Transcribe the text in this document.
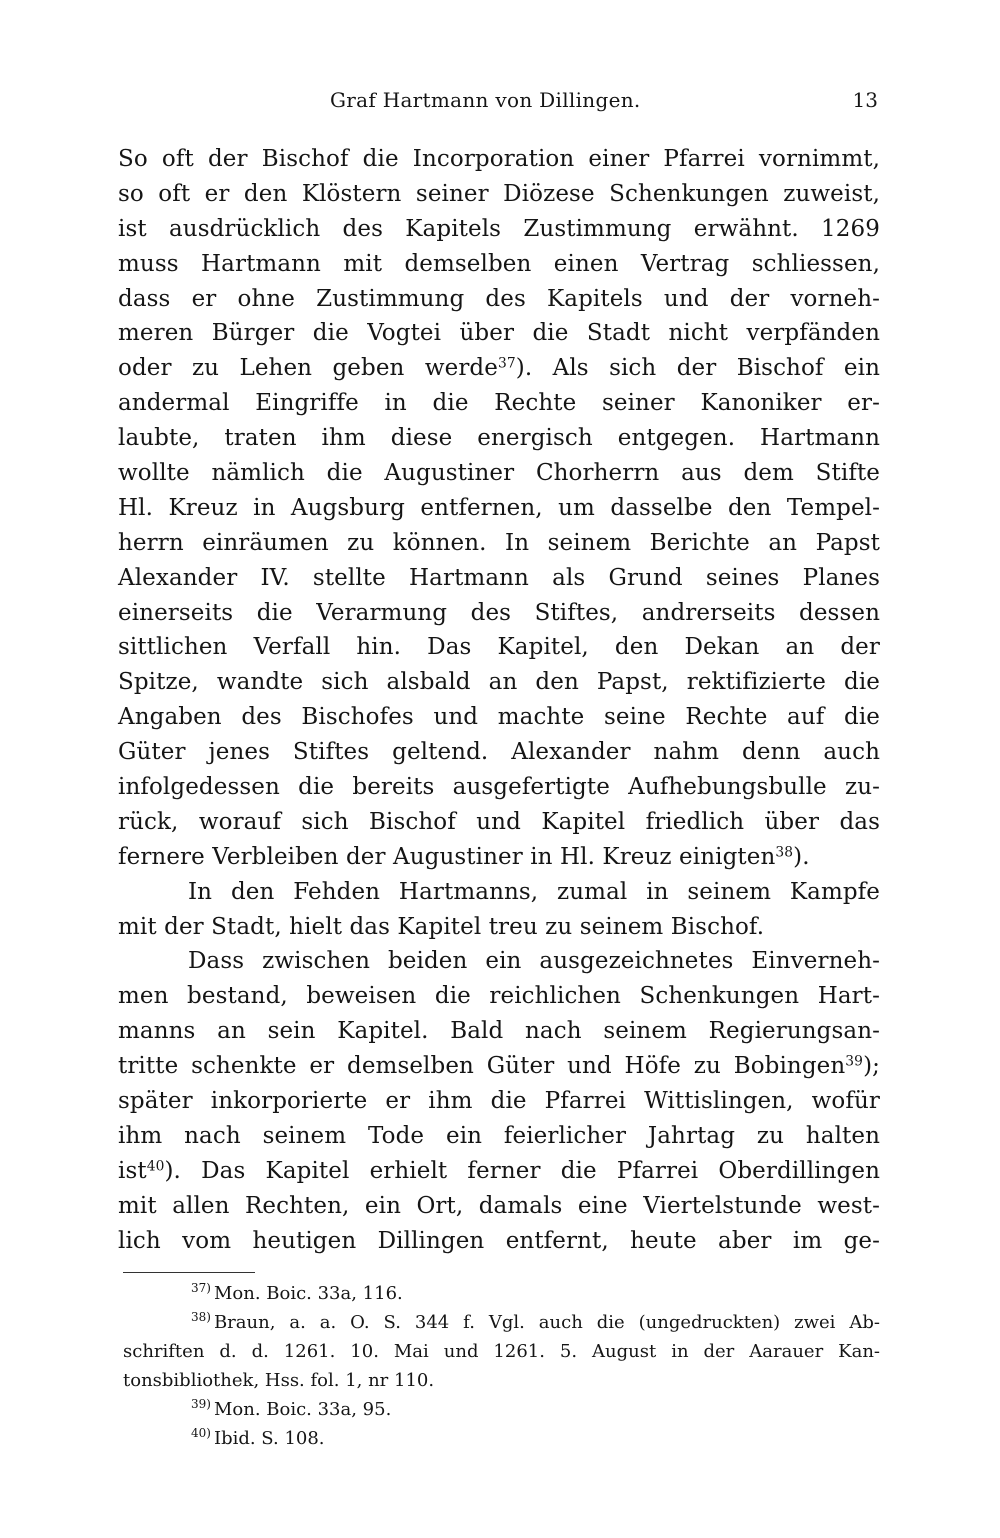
Graf Hartmann von Dillingen.	13
So oft der Bischof die Incorporation einer Pfarrei vornimmt,
so oft er den Klöstern seiner Diözese Schenkungen zuweist,
ist ausdrücklich des Kapitels Zustimmung erwähnt. 1269
muss Hartmann mit demselben einen Vertrag schliessen,
dass er ohne Zustimmung des Kapitels und der vorneh-
meren Bürger die Vogtei über die Stadt nicht verpfänden
oder zu Lehen geben werde$^{37}$). Als sich der Bischof ein
andermal Eingriffe in die Rechte seiner Kanoniker er-
laubte, traten ihm diese energisch entgegen. Hartmann
wollte nämlich die Augustiner Chorherrn aus dem Stifte
Hl. Kreuz in Augsburg entfernen, um dasselbe den Tempel-
herrn einräumen zu können. In seinem Berichte an Papst
Alexander IV. stellte Hartmann als Grund seines Planes
einerseits die Verarmung des Stiftes, andrerseits dessen
sittlichen Verfall hin. Das Kapitel, den Dekan an der
Spitze, wandte sich alsbald an den Papst, rektifizierte die
Angaben des Bischofes und machte seine Rechte auf die
Güter jenes Stiftes geltend. Alexander nahm denn auch
infolgedessen die bereits ausgefertigte Aufhebungsbulle zu-
rück, worauf sich Bischof und Kapitel friedlich über das
fernere Verbleiben der Augustiner in Hl. Kreuz einigten$^{38}$).
In den Fehden Hartmanns, zumal in seinem Kampfe
mit der Stadt, hielt das Kapitel treu zu seinem Bischof.
Dass zwischen beiden ein ausgezeichnetes Einverneh-
men bestand, beweisen die reichlichen Schenkungen Hart-
manns an sein Kapitel. Bald nach seinem Regierungsan-
tritte schenkte er demselben Güter und Höfe zu Bobingen$^{39}$);
später inkorporierte er ihm die Pfarrei Wittislingen, wofür
ihm nach seinem Tode ein feierlicher Jahrtag zu halten
ist$^{40}$). Das Kapitel erhielt ferner die Pfarrei Oberdillingen
mit allen Rechten, ein Ort, damals eine Viertelstunde west-
lich vom heutigen Dillingen entfernt, heute aber im ge-
$^{37)}$ Mon. Boic. 33a, 116.
$^{38)}$ Braun, a. a. O. S. 344 f. Vgl. auch die (ungedruckten) zwei Ab-
schriften d. d. 1261. 10. Mai und 1261. 5. August in der Aarauer Kan-
tonsbibliothek, Hss. fol. 1, nr 110.
$^{39)}$ Mon. Boic. 33a, 95.
$^{40)}$ Ibid. S. 108.
